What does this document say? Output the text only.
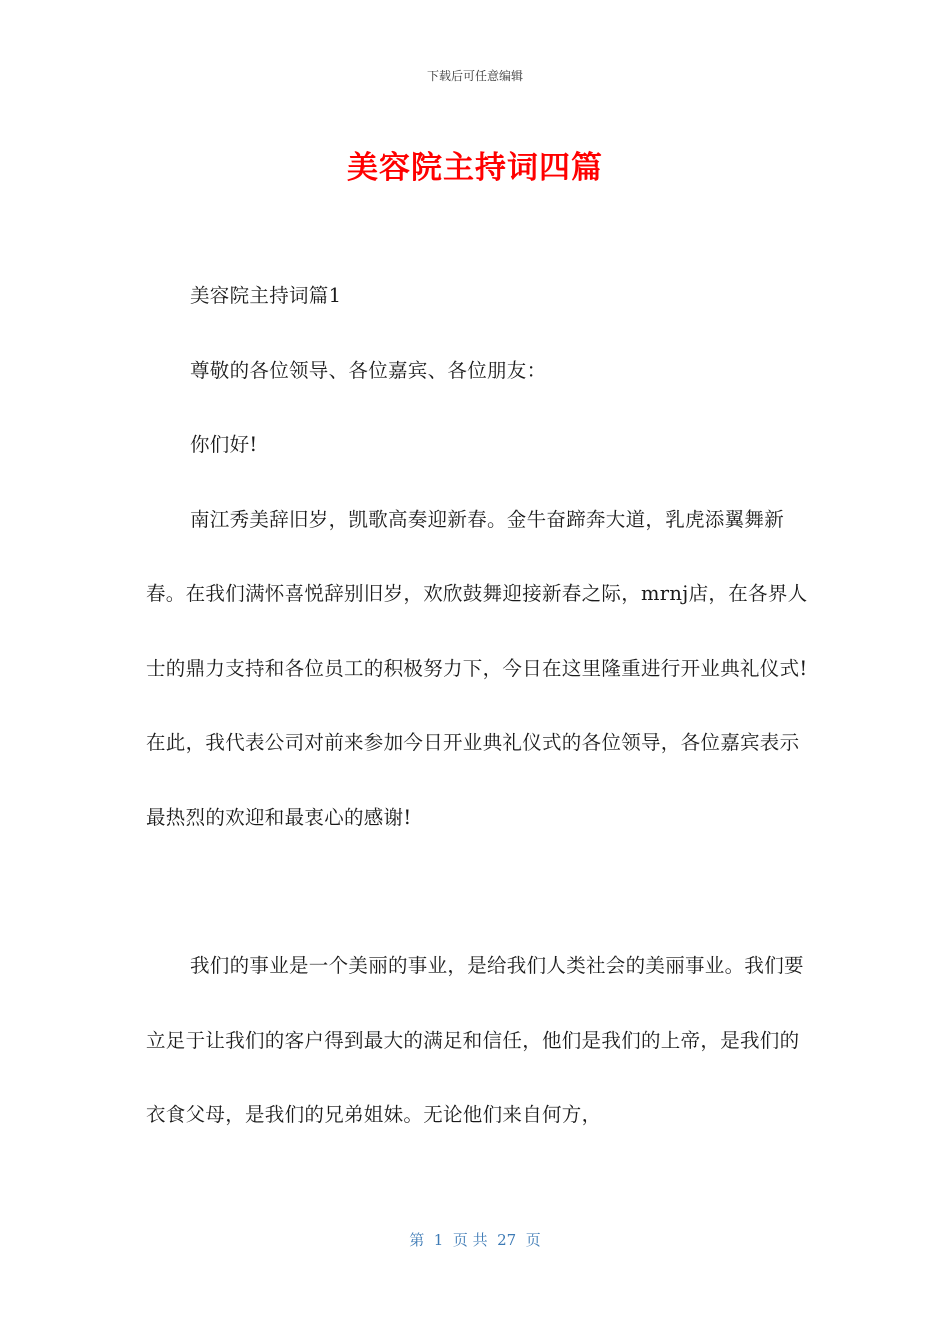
下载后可任意编辑
美容院主持词四篇

美容院主持词篇1

尊敬的各位领导、各位嘉宾、各位朋友：

你们好!

南江秀美辞旧岁，凯歌高奏迎新春。金牛奋蹄奔大道，乳虎添翼舞新春。在我们满怀喜悦辞别旧岁，欢欣鼓舞迎接新春之际，mrnj店，在各界人士的鼎力支持和各位员工的积极努力下，今日在这里隆重进行开业典礼仪式!在此，我代表公司对前来参加今日开业典礼仪式的各位领导，各位嘉宾表示最热烈的欢迎和最衷心的感谢!

我们的事业是一个美丽的事业，是给我们人类社会的美丽事业。我们要立足于让我们的客户得到最大的满足和信任，他们是我们的上帝，是我们的衣食父母，是我们的兄弟姐妹。无论他们来自何方，

第  1  页 共  27  页
